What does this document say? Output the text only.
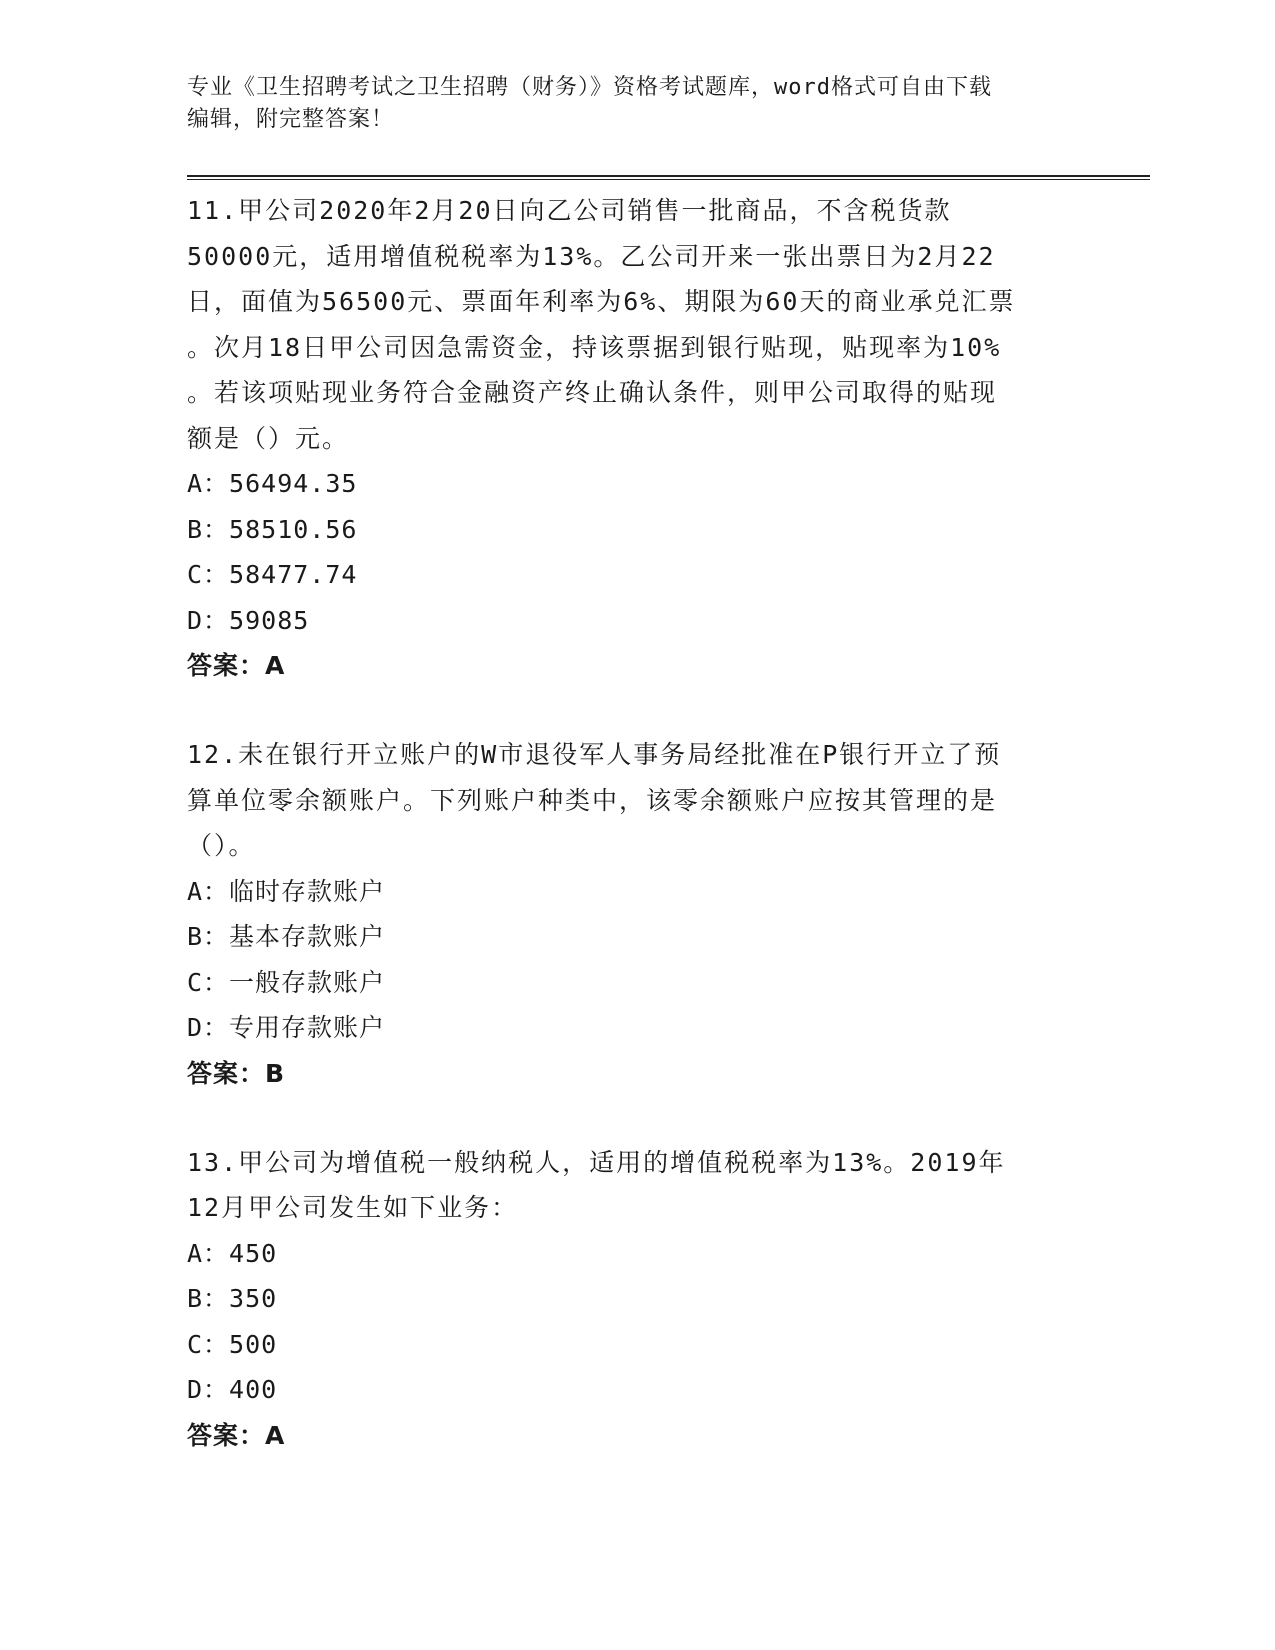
专业《卫生招聘考试之卫生招聘（财务）》资格考试题库，word格式可自由下载
编辑，附完整答案！

11.甲公司2020年2月20日向乙公司销售一批商品，不含税货款

50000元，适用增值税税率为13%。乙公司开来一张出票日为2月22

日，面值为56500元、票面年利率为6%、期限为60天的商业承兑汇票

。次月18日甲公司因急需资金，持该票据到银行贴现，贴现率为10%

。若该项贴现业务符合金融资产终止确认条件，则甲公司取得的贴现

额是（）元。

A：56494.35

B：58510.56

C：58477.74

D：59085

答案：A

12.未在银行开立账户的W市退役军人事务局经批准在P银行开立了预

算单位零余额账户。下列账户种类中，该零余额账户应按其管理的是

（）。

A：临时存款账户

B：基本存款账户

C：一般存款账户

D：专用存款账户

答案：B

13.甲公司为增值税一般纳税人，适用的增值税税率为13%。2019年

12月甲公司发生如下业务：

A：450

B：350

C：500

D：400

答案：A
